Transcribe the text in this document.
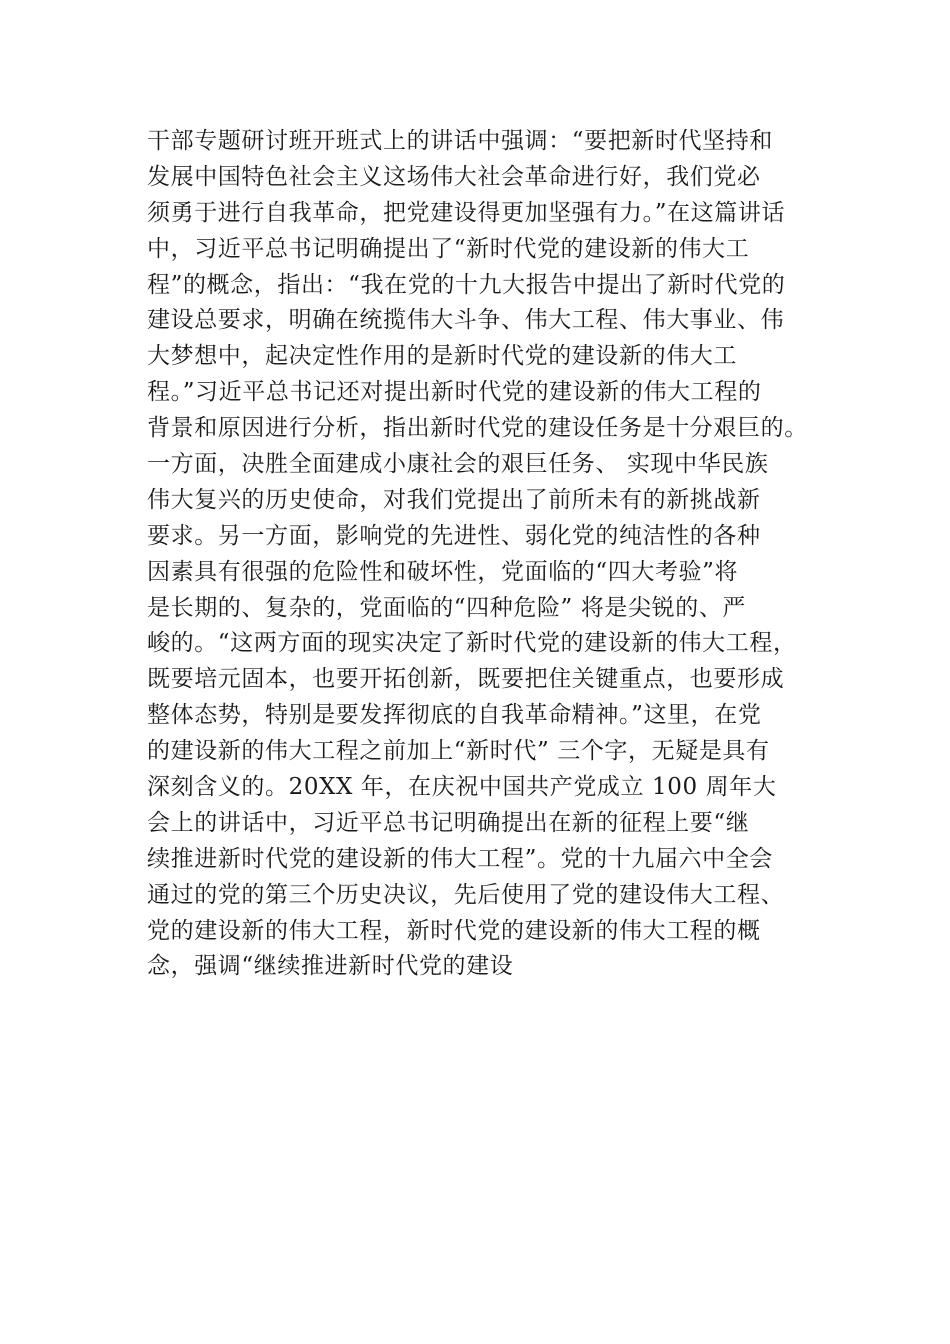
干部专题研讨班开班式上的讲话中强调：“要把新时代坚持和
发展中国特色社会主义这场伟大社会革命进行好，我们党必
须勇于进行自我革命，把党建设得更加坚强有力。”在这篇讲话
中，习近平总书记明确提出了“新时代党的建设新的伟大工
程”的概念，指出：“我在党的十九大报告中提出了新时代党的
建设总要求，明确在统揽伟大斗争、伟大工程、伟大事业、伟
大梦想中，起决定性作用的是新时代党的建设新的伟大工
程。”习近平总书记还对提出新时代党的建设新的伟大工程的
背景和原因进行分析，指出新时代党的建设任务是十分艰巨的。
一方面，决胜全面建成小康社会的艰巨任务、 实现中华民族
伟大复兴的历史使命，对我们党提出了前所未有的新挑战新
要求。另一方面，影响党的先进性、弱化党的纯洁性的各种
因素具有很强的危险性和破坏性，党面临的“四大考验”将
是长期的、复杂的，党面临的“四种危险” 将是尖锐的、严
峻的。“这两方面的现实决定了新时代党的建设新的伟大工程，
既要培元固本，也要开拓创新，既要把住关键重点，也要形成
整体态势，特别是要发挥彻底的自我革命精神。”这里，在党
的建设新的伟大工程之前加上“新时代” 三个字，无疑是具有
深刻含义的。20XX 年，在庆祝中国共产党成立 100 周年大
会上的讲话中，习近平总书记明确提出在新的征程上要“继
续推进新时代党的建设新的伟大工程”。党的十九届六中全会
通过的党的第三个历史决议，先后使用了党的建设伟大工程、
党的建设新的伟大工程，新时代党的建设新的伟大工程的概
念，强调“继续推进新时代党的建设
